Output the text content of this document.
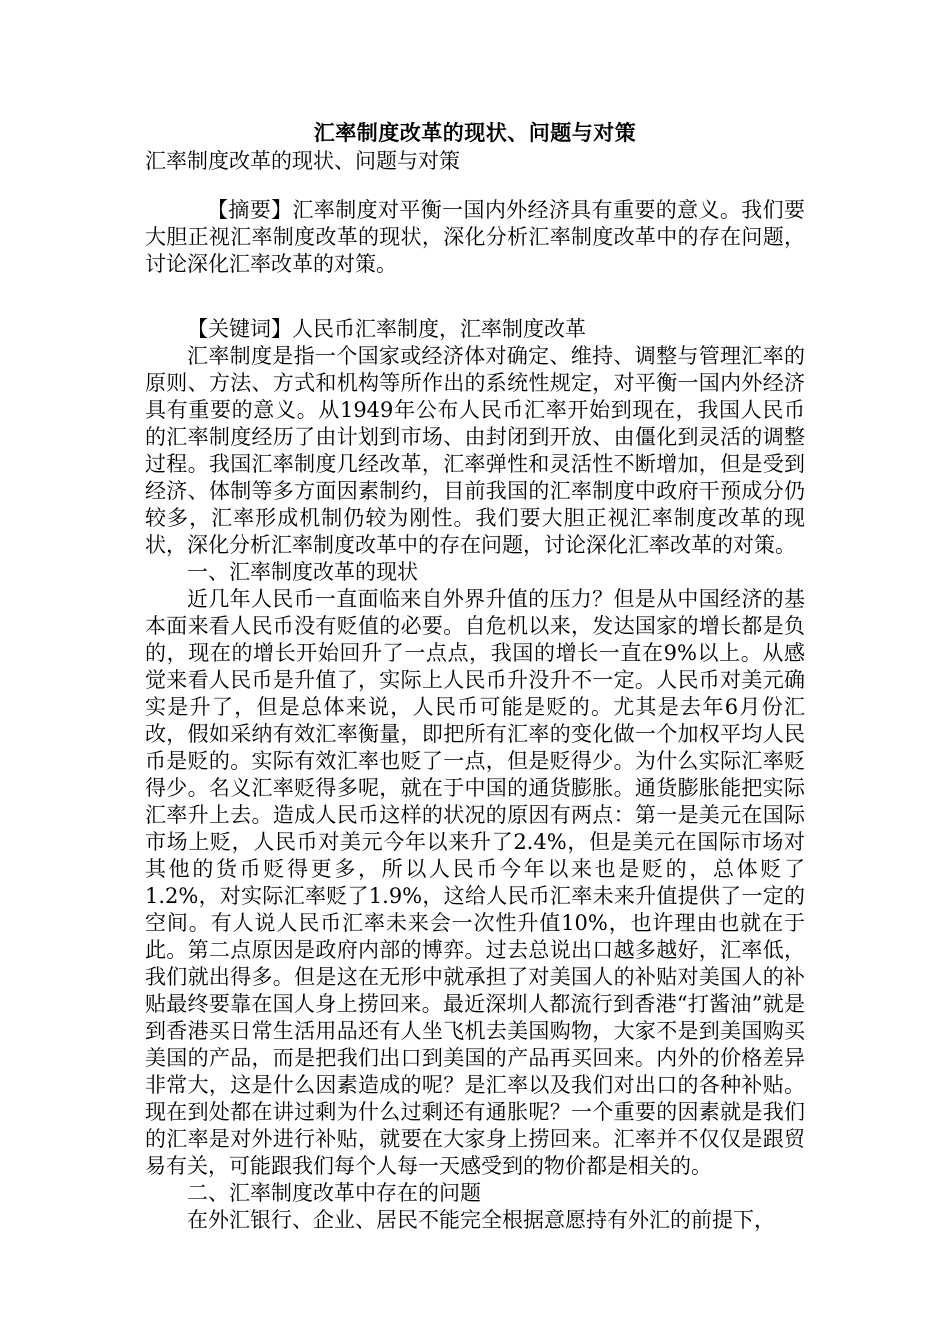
汇率制度改革的现状、问题与对策

汇率制度改革的现状、问题与对策

【摘要】汇率制度对平衡一国内外经济具有重要的意义。我们要大胆正视汇率制度改革的现状，深化分析汇率制度改革中的存在问题，讨论深化汇率改革的对策。

【关键词】人民币汇率制度，汇率制度改革

汇率制度是指一个国家或经济体对确定、维持、调整与管理汇率的原则、方法、方式和机构等所作出的系统性规定，对平衡一国内外经济具有重要的意义。从1949年公布人民币汇率开始到现在，我国人民币的汇率制度经历了由计划到市场、由封闭到开放、由僵化到灵活的调整过程。我国汇率制度几经改革，汇率弹性和灵活性不断增加，但是受到经济、体制等多方面因素制约，目前我国的汇率制度中政府干预成分仍较多，汇率形成机制仍较为刚性。我们要大胆正视汇率制度改革的现状，深化分析汇率制度改革中的存在问题，讨论深化汇率改革的对策。

一、汇率制度改革的现状

近几年人民币一直面临来自外界升值的压力？但是从中国经济的基本面来看人民币没有贬值的必要。自危机以来，发达国家的增长都是负的，现在的增长开始回升了一点点，我国的增长一直在9%以上。从感觉来看人民币是升值了，实际上人民币升没升不一定。人民币对美元确实是升了，但是总体来说，人民币可能是贬的。尤其是去年6月份汇改，假如采纳有效汇率衡量，即把所有汇率的变化做一个加权平均人民币是贬的。实际有效汇率也贬了一点，但是贬得少。为什么实际汇率贬得少。名义汇率贬得多呢，就在于中国的通货膨胀。通货膨胀能把实际汇率升上去。造成人民币这样的状况的原因有两点：第一是美元在国际市场上贬，人民币对美元今年以来升了2.4%，但是美元在国际市场对其他的货币贬得更多，所以人民币今年以来也是贬的，总体贬了1.2%，对实际汇率贬了1.9%，这给人民币汇率未来升值提供了一定的空间。有人说人民币汇率未来会一次性升值10%，也许理由也就在于此。第二点原因是政府内部的博弈。过去总说出口越多越好，汇率低，我们就出得多。但是这在无形中就承担了对美国人的补贴对美国人的补贴最终要靠在国人身上捞回来。最近深圳人都流行到香港“打酱油”就是到香港买日常生活用品还有人坐飞机去美国购物，大家不是到美国购买美国的产品，而是把我们出口到美国的产品再买回来。内外的价格差异非常大，这是什么因素造成的呢？是汇率以及我们对出口的各种补贴。现在到处都在讲过剩为什么过剩还有通胀呢？一个重要的因素就是我们的汇率是对外进行补贴，就要在大家身上捞回来。汇率并不仅仅是跟贸易有关，可能跟我们每个人每一天感受到的物价都是相关的。

二、汇率制度改革中存在的问题

在外汇银行、企业、居民不能完全根据意愿持有外汇的前提下，
